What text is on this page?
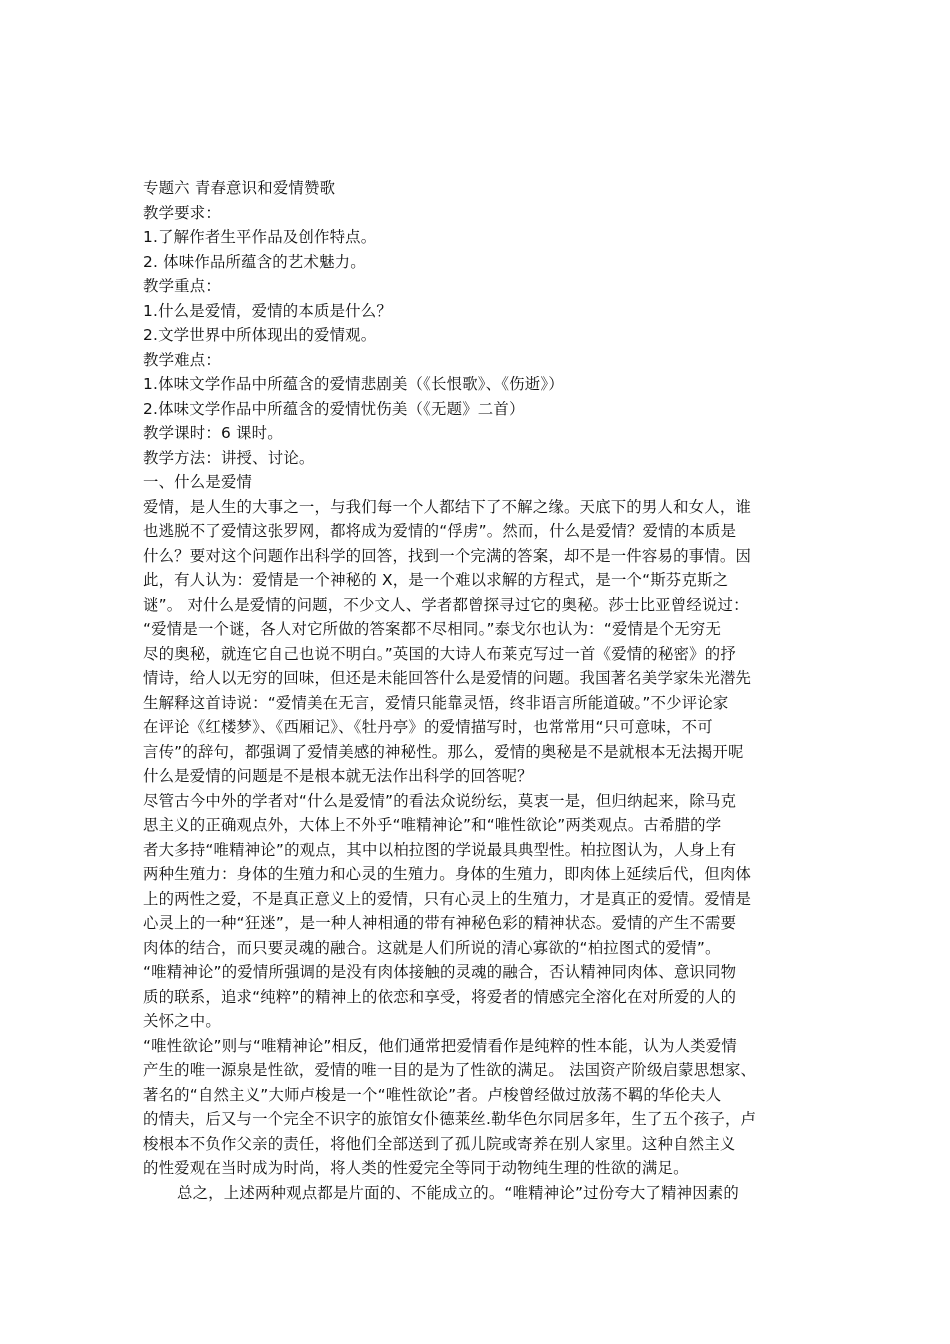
专题六 青春意识和爱情赞歌
教学要求：
1.了解作者生平作品及创作特点。
2. 体味作品所蕴含的艺术魅力。
教学重点：
1.什么是爱情，爱情的本质是什么？
2.文学世界中所体现出的爱情观。
教学难点：
1.体味文学作品中所蕴含的爱情悲剧美（《长恨歌》、《伤逝》）
2.体味文学作品中所蕴含的爱情忧伤美（《无题》二首）
教学课时：6 课时。
教学方法：讲授、讨论。
一、什么是爱情
爱情，是人生的大事之一，与我们每一个人都结下了不解之缘。天底下的男人和女人，谁
也逃脱不了爱情这张罗网，都将成为爱情的“俘虏”。然而，什么是爱情？爱情的本质是
什么？要对这个问题作出科学的回答，找到一个完满的答案，却不是一件容易的事情。因
此，有人认为：爱情是一个神秘的 X，是一个难以求解的方程式，是一个“斯芬克斯之
谜”。 对什么是爱情的问题，不少文人、学者都曾探寻过它的奥秘。莎士比亚曾经说过：
“爱情是一个谜，各人对它所做的答案都不尽相同。”泰戈尔也认为：“爱情是个无穷无
尽的奥秘，就连它自己也说不明白。”英国的大诗人布莱克写过一首《爱情的秘密》的抒
情诗，给人以无穷的回味，但还是未能回答什么是爱情的问题。我国著名美学家朱光潜先
生解释这首诗说：“爱情美在无言，爱情只能靠灵悟，终非语言所能道破。”不少评论家
在评论《红楼梦》、《西厢记》、《牡丹亭》的爱情描写时，也常常用“只可意味，不可
言传”的辞句，都强调了爱情美感的神秘性。那么，爱情的奥秘是不是就根本无法揭开呢
什么是爱情的问题是不是根本就无法作出科学的回答呢？
尽管古今中外的学者对“什么是爱情”的看法众说纷纭，莫衷一是，但归纳起来，除马克
思主义的正确观点外，大体上不外乎“唯精神论”和“唯性欲论”两类观点。古希腊的学
者大多持“唯精神论”的观点，其中以柏拉图的学说最具典型性。柏拉图认为，人身上有
两种生殖力：身体的生殖力和心灵的生殖力。身体的生殖力，即肉体上延续后代，但肉体
上的两性之爱，不是真正意义上的爱情，只有心灵上的生殖力，才是真正的爱情。爱情是
心灵上的一种“狂迷”，是一种人神相通的带有神秘色彩的精神状态。爱情的产生不需要
肉体的结合，而只要灵魂的融合。这就是人们所说的清心寡欲的“柏拉图式的爱情”。
“唯精神论”的爱情所强调的是没有肉体接触的灵魂的融合，否认精神同肉体、意识同物
质的联系，追求“纯粹”的精神上的依恋和享受，将爱者的情感完全溶化在对所爱的人的
关怀之中。
“唯性欲论”则与“唯精神论”相反，他们通常把爱情看作是纯粹的性本能，认为人类爱情
产生的唯一源泉是性欲，爱情的唯一目的是为了性欲的满足。 法国资产阶级启蒙思想家、
著名的“自然主义”大师卢梭是一个“唯性欲论”者。卢梭曾经做过放荡不羁的华伦夫人
的情夫，后又与一个完全不识字的旅馆女仆德莱丝.勒华色尔同居多年，生了五个孩子，卢
梭根本不负作父亲的责任，将他们全部送到了孤儿院或寄养在别人家里。这种自然主义
的性爱观在当时成为时尚，将人类的性爱完全等同于动物纯生理的性欲的满足。
总之，上述两种观点都是片面的、不能成立的。“唯精神论”过份夸大了精神因素的
